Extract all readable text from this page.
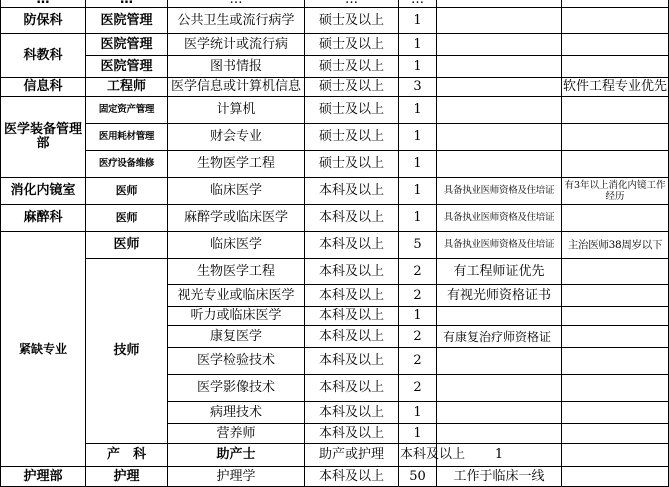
防保科	医院管理	公共卫生或流行病学	硕士及以上	1			
科教科	医院管理	医学统计或流行病	硕士及以上	1			
	医院管理	图书情报	硕士及以上	1			
信息科	工程师	医学信息或计算机信息	硕士及以上	3		软件工程专业优先	
医学装备管理部	固定资产管理	计算机	硕士及以上	1			
	医用耗材管理	财会专业	硕士及以上	1			
	医疗设备维修	生物医学工程	硕士及以上	1			
消化内镜室	医师	临床医学	本科及以上	1	具备执业医师资格及住培证	有3年以上消化内镜工作经历	
麻醉科	医师	麻醉学或临床医学	本科及以上	1	具备执业医师资格及住培证		
紧缺专业	医师	临床医学	本科及以上	5	具备执业医师资格及住培证	主治医师38周岁以下	
	技师	生物医学工程	本科及以上	2	有工程师证优先		
		视光专业或临床医学	本科及以上	2	有视光师资格证书		
		听力或临床医学	本科及以上	1			
		康复医学	本科及以上	2	有康复治疗师资格证		
		医学检验技术	本科及以上	2			
		医学影像技术	本科及以上	2			
		病理技术	本科及以上	1			
		营养师	本科及以上	1			
	产　科	助产士	助产或护理	本科及以上	1		
护理部	护理	护理学	本科及以上	50	工作于临床一线		
